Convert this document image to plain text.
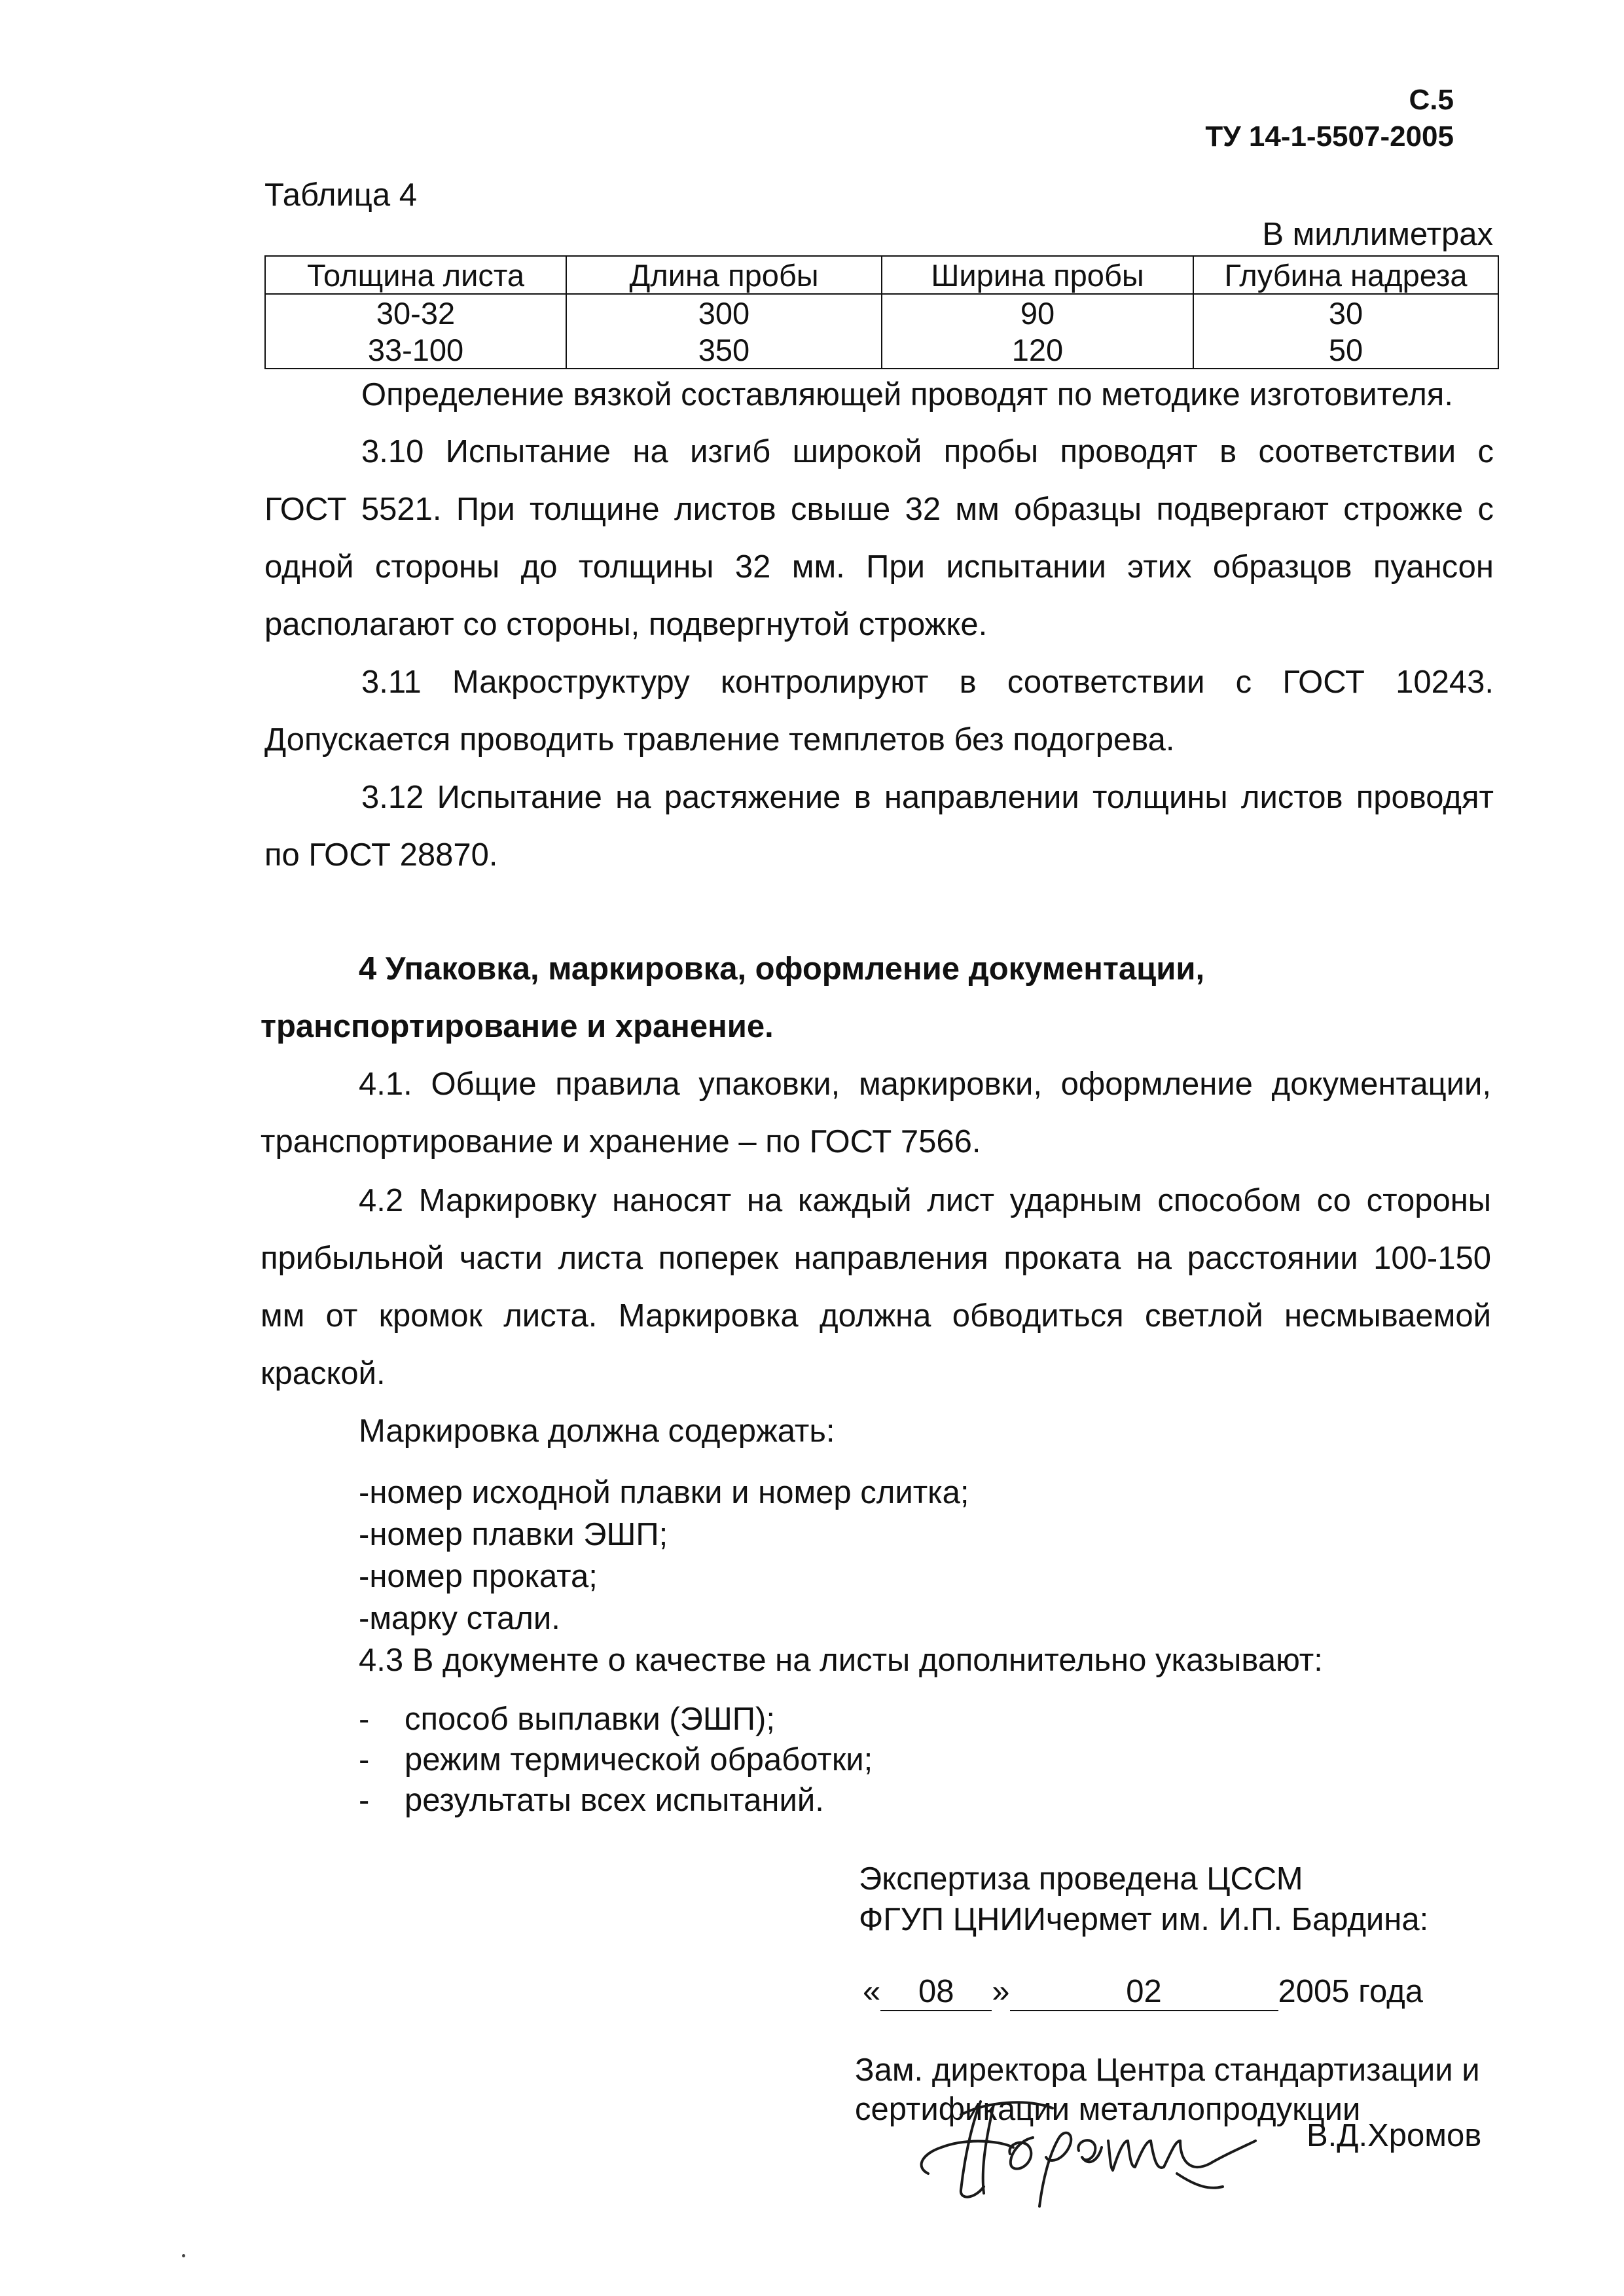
С.5
ТУ 14-1-5507-2005
Таблица 4
В миллиметрах
Толщина листа	Длина пробы	Ширина пробы	Глубина надреза
30-32	300	90	30
33-100	350	120	50
Определение вязкой составляющей проводят по методике изготовителя.
3.10 Испытание на изгиб широкой пробы проводят в соответствии с
ГОСТ 5521. При толщине листов свыше 32 мм образцы подвергают строжке с
одной стороны до толщины 32 мм. При испытании этих образцов пуансон
располагают со стороны, подвергнутой строжке.
3.11 Макроструктуру контролируют в соответствии с ГОСТ 10243.
Допускается проводить травление темплетов без подогрева.
3.12 Испытание на растяжение в направлении толщины листов проводят
по ГОСТ 28870.
4 Упаковка, маркировка, оформление документации,
транспортирование и хранение.
4.1. Общие правила упаковки, маркировки, оформление документации,
транспортирование и хранение – по ГОСТ 7566.
4.2 Маркировку наносят на каждый лист ударным способом со стороны
прибыльной части листа поперек направления проката на расстоянии 100-150
мм от кромок листа. Маркировка должна обводиться светлой несмываемой
краской.
Маркировка должна содержать:
-номер исходной плавки и номер слитка;
-номер плавки ЭШП;
-номер проката;
-марку стали.
4.3 В документе о качестве на листы дополнительно указывают:
- способ выплавки (ЭШП);
- режим термической обработки;
- результаты всех испытаний.
Экспертиза проведена ЦССМ
ФГУП ЦНИИчермет им. И.П. Бардина:
« 08 »	02	2005 года
Зам. директора Центра стандартизации и
сертификации металлопродукции
В.Д.Хромов
